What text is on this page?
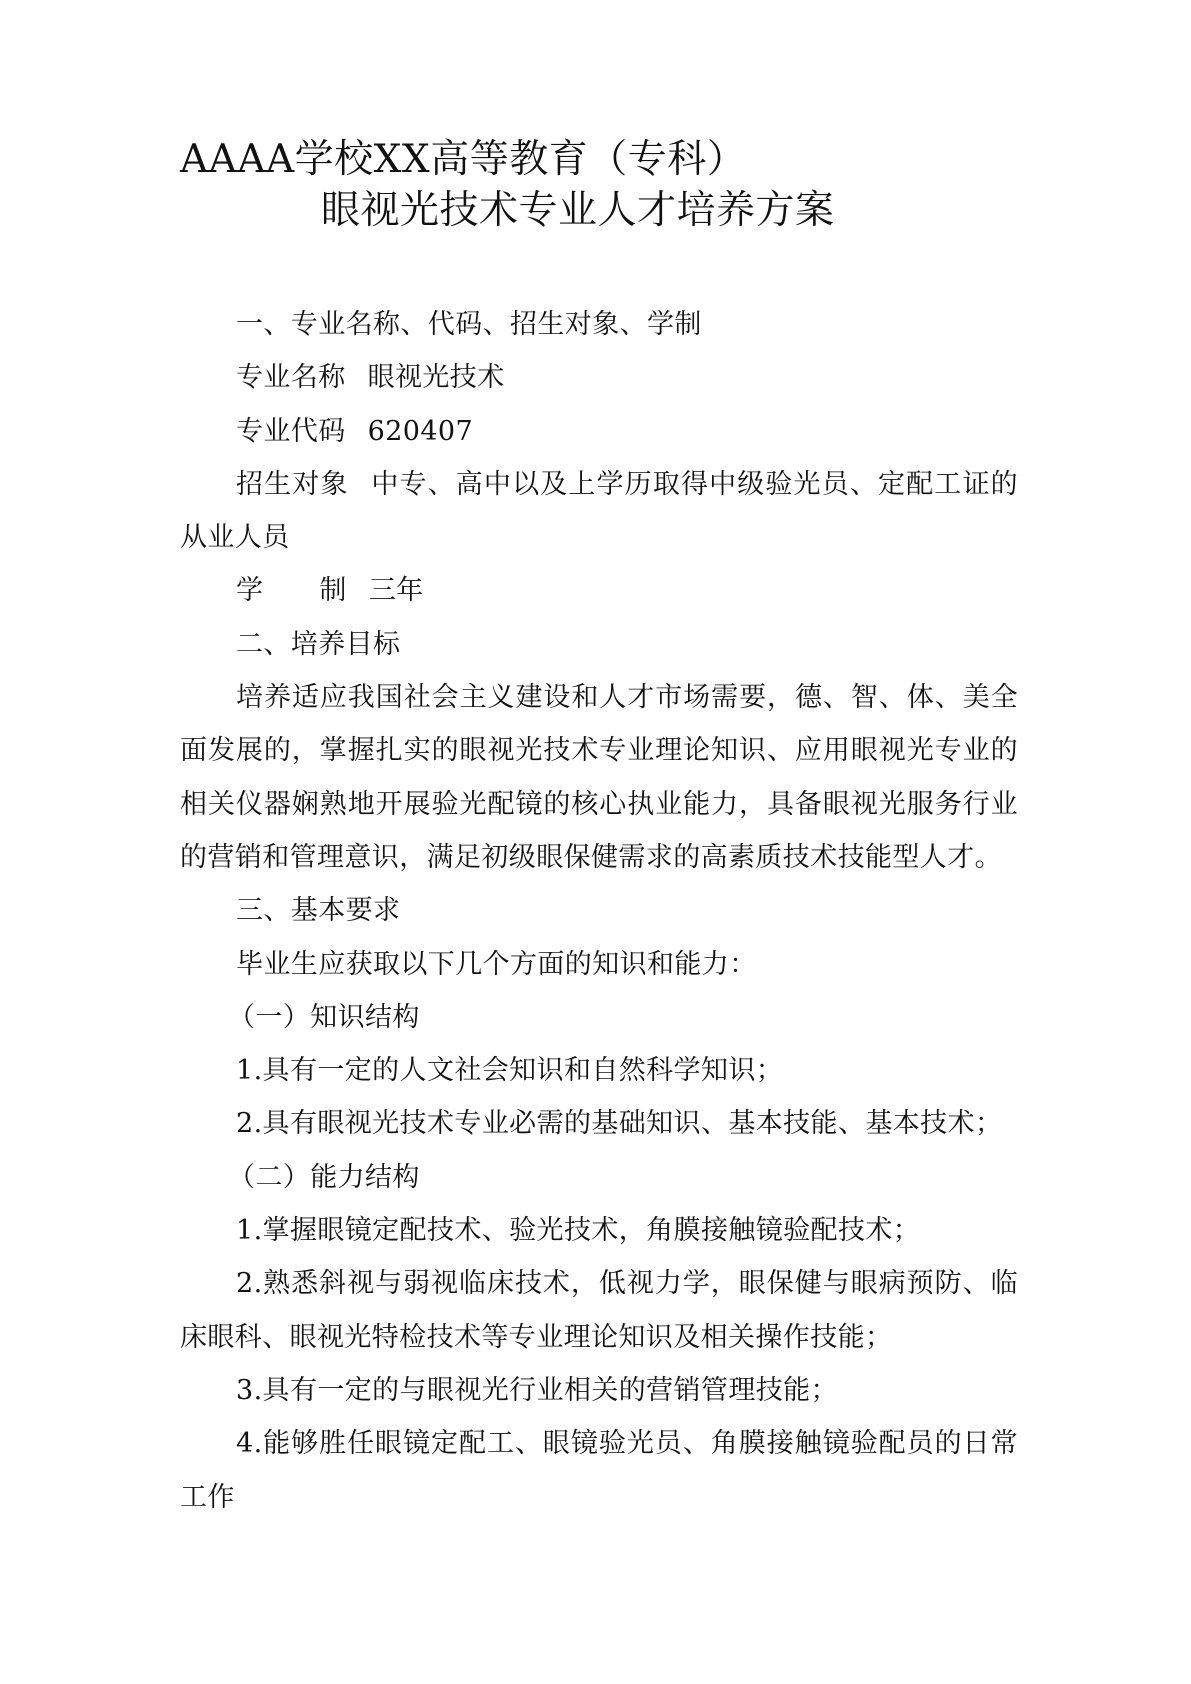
AAAA学校XX高等教育（专科）
眼视光技术专业人才培养方案

一、专业名称、代码、招生对象、学制

专业名称 眼视光技术

专业代码 620407

招生对象 中专、高中以及上学历取得中级验光员、定配工证的从业人员

学 制 三年

二、培养目标

培养适应我国社会主义建设和人才市场需要，德、智、体、美全面发展的，掌握扎实的眼视光技术专业理论知识、应用眼视光专业的相关仪器娴熟地开展验光配镜的核心执业能力，具备眼视光服务行业的营销和管理意识，满足初级眼保健需求的高素质技术技能型人才。

三、基本要求

毕业生应获取以下几个方面的知识和能力：

（一）知识结构

1.具有一定的人文社会知识和自然科学知识；

2.具有眼视光技术专业必需的基础知识、基本技能、基本技术；

（二）能力结构

1.掌握眼镜定配技术、验光技术，角膜接触镜验配技术；

2.熟悉斜视与弱视临床技术，低视力学，眼保健与眼病预防、临床眼科、眼视光特检技术等专业理论知识及相关操作技能；

3.具有一定的与眼视光行业相关的营销管理技能；

4.能够胜任眼镜定配工、眼镜验光员、角膜接触镜验配员的日常工作
